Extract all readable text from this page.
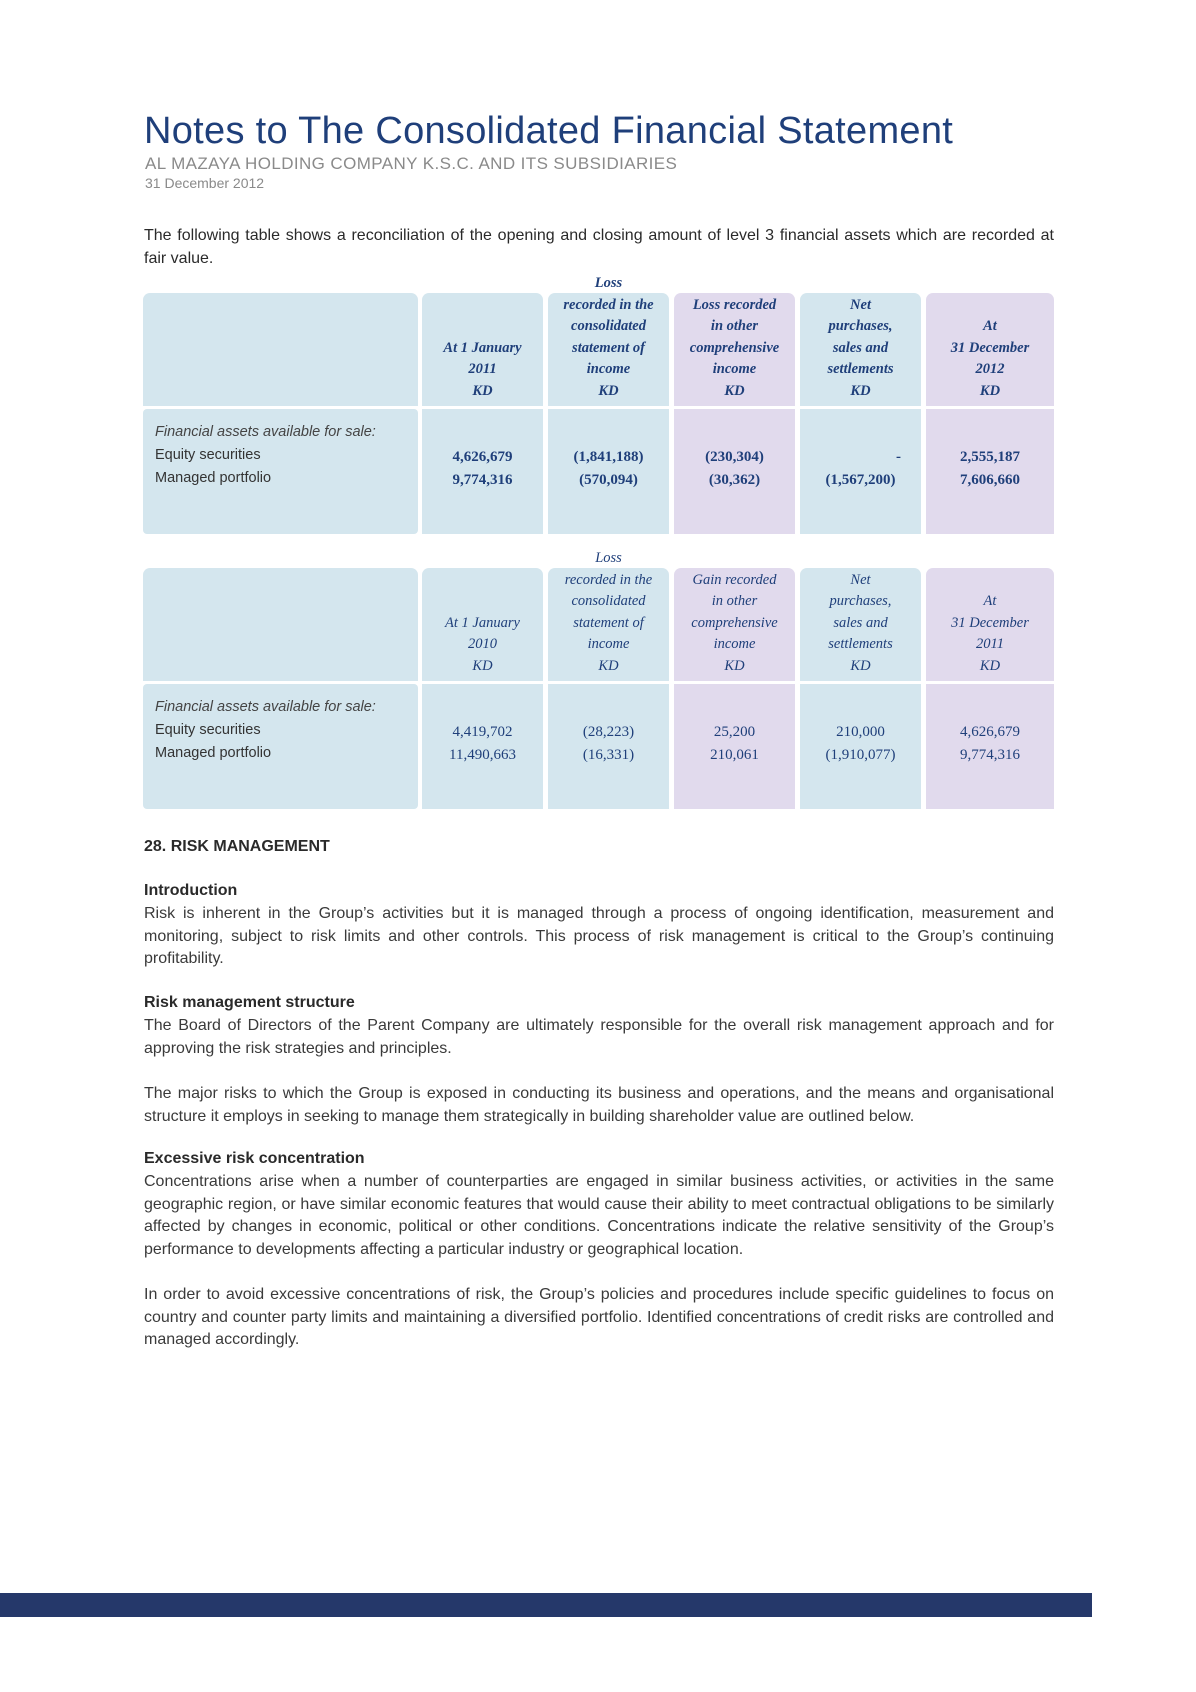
Notes to The Consolidated Financial Statement
AL MAZAYA HOLDING COMPANY K.S.C. AND ITS SUBSIDIARIES
31 December 2012
The following table shows a reconciliation of the opening and closing amount of level 3 financial assets which are recorded at fair value.
Financial assets available for sale:
Equity securities
Managed portfolio
At 1 January
2011
KD
4,626,679
9,774,316
Loss
recorded in the
consolidated
statement of
income
KD
(1,841,188)
(570,094)
Loss recorded
in other
comprehensive
income
KD
(230,304)
(30,362)
Net
purchases,
sales and
settlements
KD
-
(1,567,200)
At
31 December
2012
KD
2,555,187
7,606,660
Financial assets available for sale:
Equity securities
Managed portfolio
At 1 January
2010
KD
4,419,702
11,490,663
Loss
recorded in the
consolidated
statement of
income
KD
(28,223)
(16,331)
Gain recorded
in other
comprehensive
income
KD
25,200
210,061
Net
purchases,
sales and
settlements
KD
210,000
(1,910,077)
At
31 December
2011
KD
4,626,679
9,774,316
28. RISK MANAGEMENT
Introduction
Risk is inherent in the Group’s activities but it is managed through a process of ongoing identification, measurement and monitoring, subject to risk limits and other controls. This process of risk management is critical to the Group’s continuing profitability.
Risk management structure
The Board of Directors of the Parent Company are ultimately responsible for the overall risk management approach and for approving the risk strategies and principles.
The major risks to which the Group is exposed in conducting its business and operations, and the means and organisational structure it employs in seeking to manage them strategically in building shareholder value are outlined below.
Excessive risk concentration
Concentrations arise when a number of counterparties are engaged in similar business activities, or activities in the same geographic region, or have similar economic features that would cause their ability to meet contractual obligations to be similarly affected by changes in economic, political or other conditions. Concentrations indicate the relative sensitivity of the Group’s performance to developments affecting a particular industry or geographical location.
In order to avoid excessive concentrations of risk, the Group’s policies and procedures include specific guidelines to focus on country and counter party limits and maintaining a diversified portfolio. Identified concentrations of credit risks are controlled and managed accordingly.
